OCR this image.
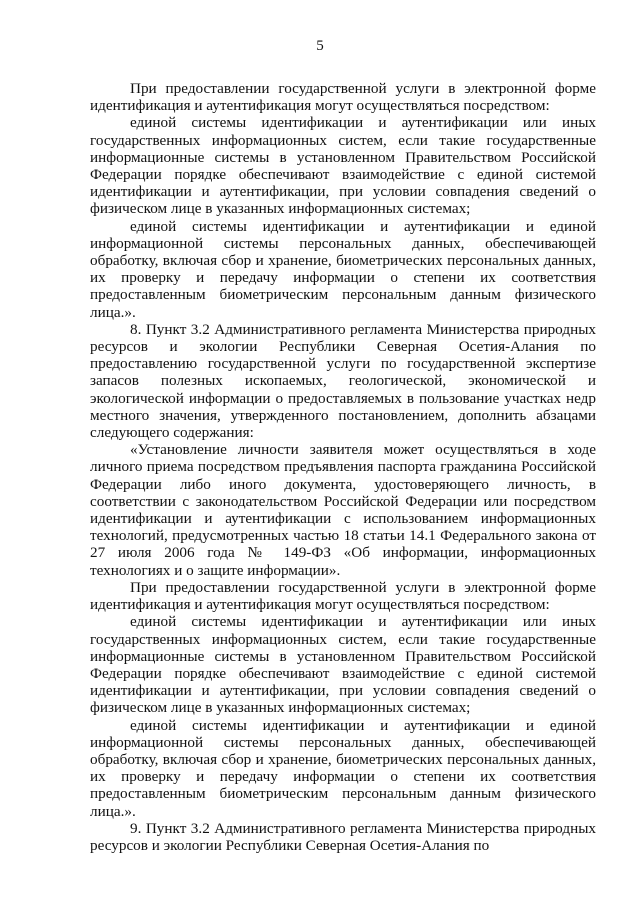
5

При предоставлении государственной услуги в электронной форме идентификация и аутентификация могут осуществляться посредством:

единой системы идентификации и аутентификации или иных государственных информационных систем, если такие государственные информационные системы в установленном Правительством Российской Федерации порядке обеспечивают взаимодействие с единой системой идентификации и аутентификации, при условии совпадения сведений о физическом лице в указанных информационных системах;

единой системы идентификации и аутентификации и единой информационной системы персональных данных, обеспечивающей обработку, включая сбор и хранение, биометрических персональных данных, их проверку и передачу информации о степени их соответствия предоставленным биометрическим персональным данным физического лица.».

8. Пункт 3.2 Административного регламента Министерства природных ресурсов и экологии Республики Северная Осетия-Алания по предоставлению государственной услуги по государственной экспертизе запасов полезных ископаемых, геологической, экономической и экологической информации о предоставляемых в пользование участках недр местного значения, утвержденного постановлением, дополнить абзацами следующего содержания:

«Установление личности заявителя может осуществляться в ходе личного приема посредством предъявления паспорта гражданина Российской Федерации либо иного документа, удостоверяющего личность, в соответствии с законодательством Российской Федерации или посредством идентификации и аутентификации с использованием информационных технологий, предусмотренных частью 18 статьи 14.1 Федерального закона от 27 июля 2006 года № 149-ФЗ «Об информации, информационных технологиях и о защите информации».

При предоставлении государственной услуги в электронной форме идентификация и аутентификация могут осуществляться посредством:

единой системы идентификации и аутентификации или иных государственных информационных систем, если такие государственные информационные системы в установленном Правительством Российской Федерации порядке обеспечивают взаимодействие с единой системой идентификации и аутентификации, при условии совпадения сведений о физическом лице в указанных информационных системах;

единой системы идентификации и аутентификации и единой информационной системы персональных данных, обеспечивающей обработку, включая сбор и хранение, биометрических персональных данных, их проверку и передачу информации о степени их соответствия предоставленным биометрическим персональным данным физического лица.».

9. Пункт 3.2 Административного регламента Министерства природных ресурсов и экологии Республики Северная Осетия-Алания по
